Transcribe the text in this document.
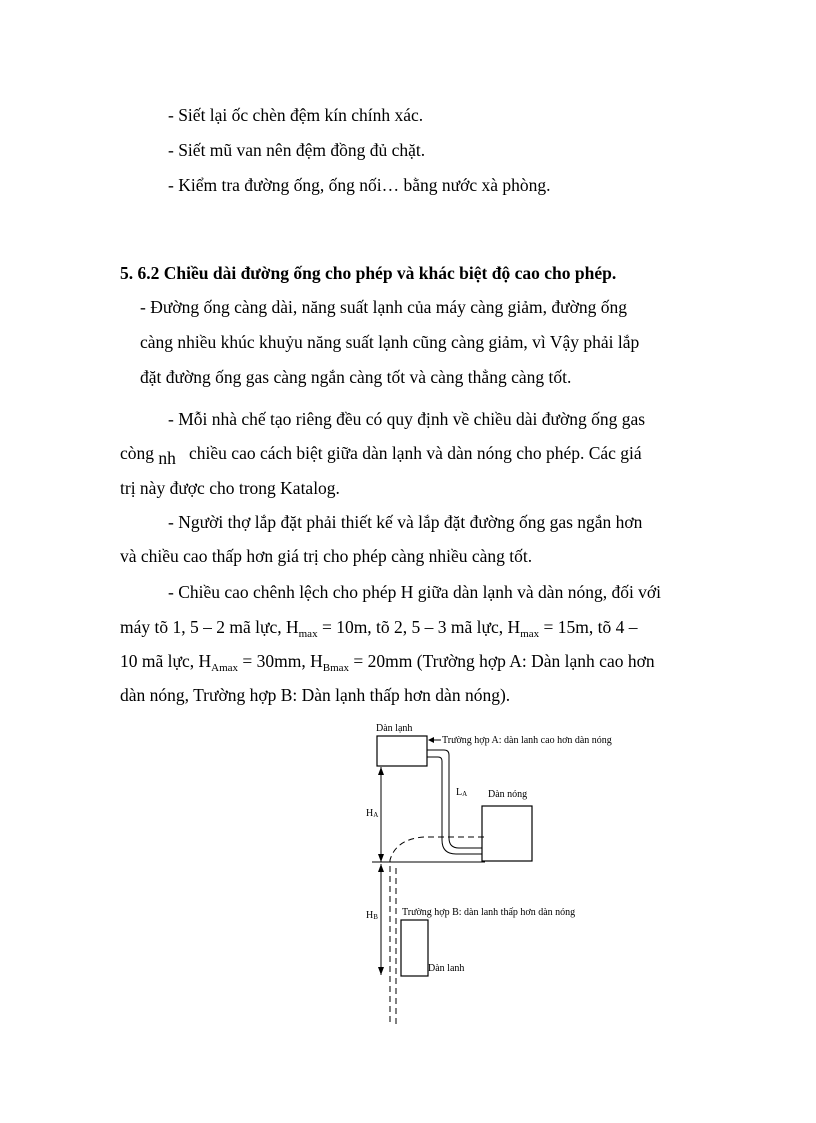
- Siết lại ốc chèn đệm kín chính xác.
- Siết mũ van nên đệm đồng đủ chặt.
- Kiểm tra đường ống, ống nối… bằng nước xà phòng.
5. 6.2 Chiều dài đường ống cho phép và khác biệt độ cao cho phép.
- Đường ống càng dài, năng suất lạnh của máy càng giảm, đường ống
càng nhiều khúc khuỷu năng suất lạnh cũng càng giảm, vì Vậy phải lắp
đặt đường ống gas càng ngắn càng tốt và càng thẳng càng tốt.
- Mỗi nhà chế tạo riêng đều có quy định về chiều dài đường ống gas
còng nh chiều cao cách biệt giữa dàn lạnh và dàn nóng cho phép. Các giá
trị này được cho trong Katalog.
- Người thợ lắp đặt phải thiết kế và lắp đặt đường ống gas ngắn hơn
và chiều cao thấp hơn giá trị cho phép càng nhiều càng tốt.
- Chiều cao chênh lệch cho phép H giữa dàn lạnh và dàn nóng, đối với
máy tõ 1, 5 – 2 mã lực, $H_{max} = 10m$, tõ 2, 5 – 3 mã lực, $H_{max} = 15m$, tõ 4 –
10 mã lực, $H_{Amax} = 30mm$, $H_{Bmax} = 20mm$ (Trường hợp A: Dàn lạnh cao hơn
dàn nóng, Trường hợp B: Dàn lạnh thấp hơn dàn nóng).
Dàn lạnh
Trường hợp A: dàn lanh cao hơn dàn nóng
Dàn nóng
LA
HA
HB Trường hợp B: dàn lanh thấp hơn dàn nóng
Dàn lanh
